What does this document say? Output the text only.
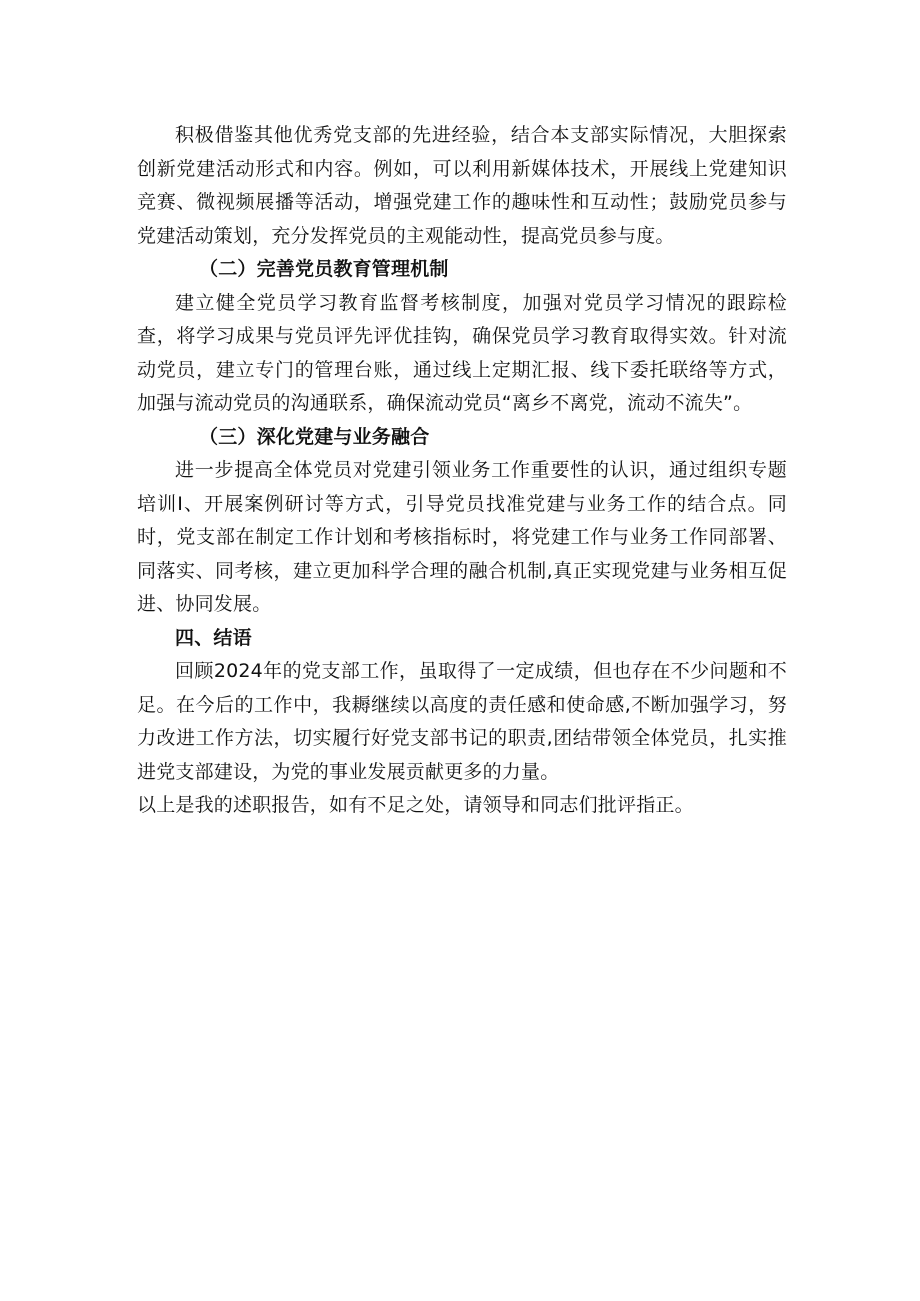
积极借鉴其他优秀党支部的先进经验，结合本支部实际情况，大胆探索创新党建活动形式和内容。例如，可以利用新媒体技术，开展线上党建知识竞赛、微视频展播等活动，增强党建工作的趣味性和互动性；鼓励党员参与党建活动策划，充分发挥党员的主观能动性，提高党员参与度。

（二）完善党员教育管理机制

建立健全党员学习教育监督考核制度，加强对党员学习情况的跟踪检查，将学习成果与党员评先评优挂钩，确保党员学习教育取得实效。针对流动党员，建立专门的管理台账，通过线上定期汇报、线下委托联络等方式，加强与流动党员的沟通联系，确保流动党员“离乡不离党，流动不流失”。

（三）深化党建与业务融合

进一步提高全体党员对党建引领业务工作重要性的认识，通过组织专题培训I、开展案例研讨等方式，引导党员找准党建与业务工作的结合点。同时，党支部在制定工作计划和考核指标时，将党建工作与业务工作同部署、同落实、同考核，建立更加科学合理的融合机制,真正实现党建与业务相互促进、协同发展。

四、结语

回顾2024年的党支部工作，虽取得了一定成绩，但也存在不少问题和不足。在今后的工作中，我耨继续以高度的责任感和使命感,不断加强学习，努力改进工作方法，切实履行好党支部书记的职责,团结带领全体党员，扎实推进党支部建设，为党的事业发展贡献更多的力量。

以上是我的述职报告，如有不足之处，请领导和同志们批评指正。
